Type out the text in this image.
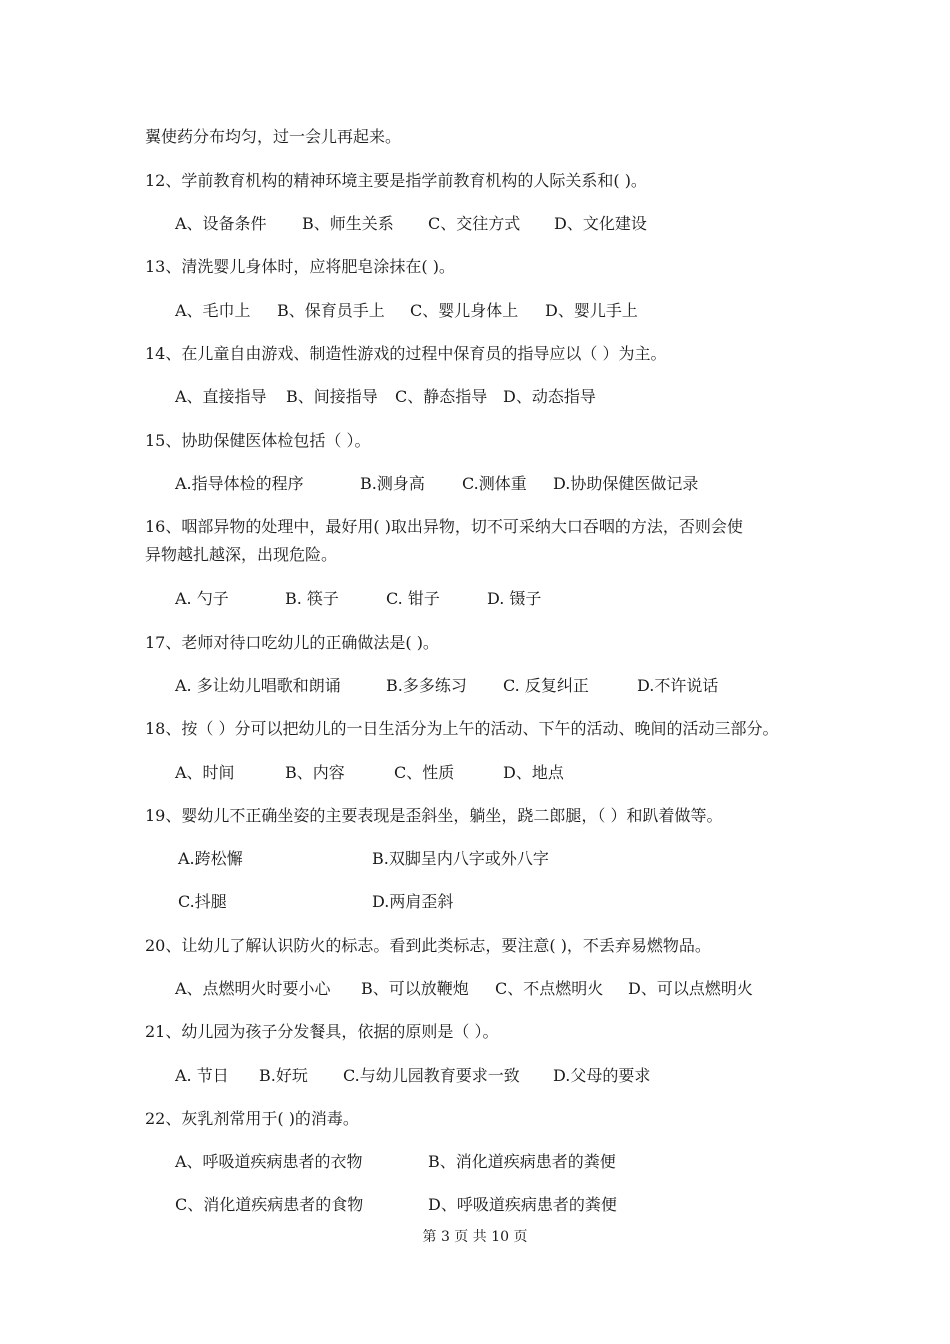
翼使药分布均匀，过一会儿再起来。
12、学前教育机构的精神环境主要是指学前教育机构的人际关系和( )。
A、设备条件 B、师生关系 C、交往方式 D、文化建设
13、清洗婴儿身体时，应将肥皂涂抹在( )。
A、毛巾上 B、保育员手上 C、婴儿身体上 D、婴儿手上
14、在儿童自由游戏、制造性游戏的过程中保育员的指导应以（ ）为主。
A、直接指导 B、间接指导 C、静态指导 D、动态指导
15、协助保健医体检包括（ ）。
A.指导体检的程序	B.测身高 C.测体重 D.协助保健医做记录
16、咽部异物的处理中，最好用( )取出异物，切不可采纳大口吞咽的方法，否则会使
异物越扎越深，出现危险。
A. 勺子	B. 筷子	C. 钳子	D. 镊子
17、老师对待口吃幼儿的正确做法是( )。
A. 多让幼儿唱歌和朗诵	B.多多练习 C. 反复纠正	D.不许说话
18、按（ ）分可以把幼儿的一日生活分为上午的活动、下午的活动、晚间的活动三部分。
A、时间	B、内容	C、性质	D、地点
19、婴幼儿不正确坐姿的主要表现是歪斜坐，躺坐，跷二郎腿，（ ）和趴着做等。
A.跨松懈	B.双脚呈内八字或外八字
C.抖腿	D.两肩歪斜
20、让幼儿了解认识防火的标志。看到此类标志，要注意( )，不丢弃易燃物品。
A、点燃明火时要小心 B、可以放鞭炮 C、不点燃明火 D、可以点燃明火
21、幼儿园为孩子分发餐具，依据的原则是（ ）。
A. 节日 B.好玩 C.与幼儿园教育要求一致 D.父母的要求
22、灰乳剂常用于( )的消毒。
A、呼吸道疾病患者的衣物	B、消化道疾病患者的粪便
C、消化道疾病患者的食物	D、呼吸道疾病患者的粪便
第 3 页 共 10 页
